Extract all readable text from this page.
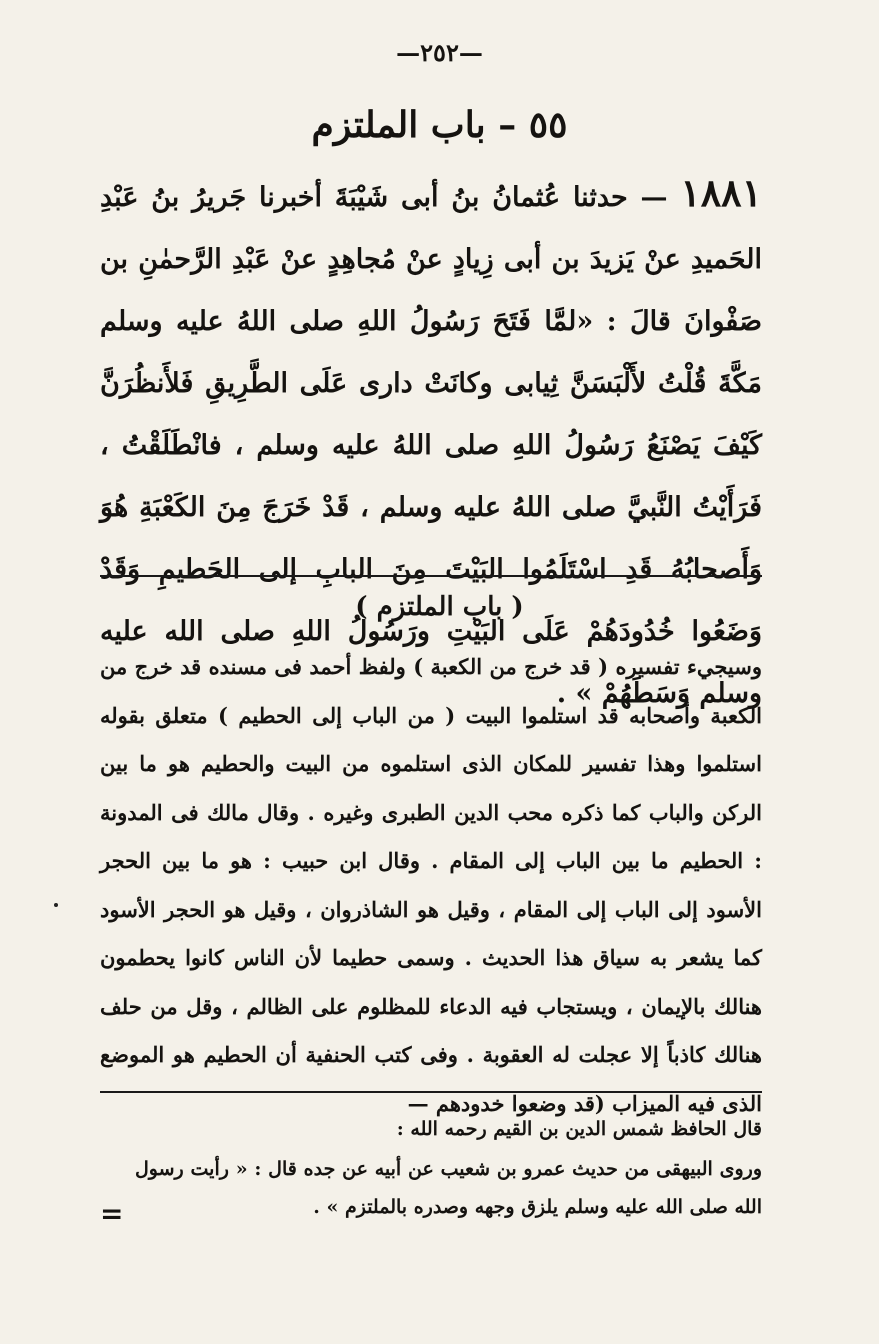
—٢٥٢—
٥٥ – باب الملتزم
١٨٨١ — حدثنا عُثمانُ بنُ أبى شَيْبَةَ أخبرنا جَريرُ بنُ عَبْدِ الحَميدِ عنْ يَزيدَ بن أبى زِيادٍ عنْ مُجاهِدٍ عنْ عَبْدِ الرَّحمٰنِ بن صَفْوانَ قالَ : «لمَّا فَتَحَ رَسُولُ اللهِ صلى اللهُ عليه وسلم مَكَّةَ قُلْتُ لأَلْبَسَنَّ ثِيابى وكانَتْ دارى عَلَى الطَّرِيقِ فَلأَنظُرَنَّ كَيْفَ يَصْنَعُ رَسُولُ اللهِ صلى اللهُ عليه وسلم ، فانْطَلَقْتُ ، فَرَأَيْتُ النَّبيَّ صلى اللهُ عليه وسلم ، قَدْ خَرَجَ مِنَ الكَعْبَةِ هُوَ وَأَصحابُهُ قَدِ اسْتَلَمُوا البَيْتَ مِنَ البابِ إلى الحَطيمِ وَقَدْ وَضَعُوا خُدُودَهُمْ عَلَى البَيْتِ ورَسُولُ اللهِ صلى الله عليه وسلم وَسَطَهُمْ » .
( باب الملتزم )
وسيجيء تفسيره ( قد خرج من الكعبة ) ولفظ أحمد فى مسنده قد خرج من الكعبة وأصحابه قد استلموا البيت ( من الباب إلى الحطيم ) متعلق بقوله استلموا وهذا تفسير للمكان الذى استلموه من البيت والحطيم هو ما بين الركن والباب كما ذكره محب الدين الطبرى وغيره . وقال مالك فى المدونة : الحطيم ما بين الباب إلى المقام . وقال ابن حبيب : هو ما بين الحجر الأسود إلى الباب إلى المقام ، وقيل هو الشاذروان ، وقيل هو الحجر الأسود كما يشعر به سياق هذا الحديث . وسمى حطيما لأن الناس كانوا يحطمون هنالك بالإيمان ، ويستجاب فيه الدعاء للمظلوم على الظالم ، وقل من حلف هنالك كاذباً إلا عجلت له العقوبة . وفى كتب الحنفية أن الحطيم هو الموضع الذى فيه الميزاب (قد وضعوا خدودهم —
قال الحافظ شمس الدين بن القيم رحمه الله :
وروى البيهقى من حديث عمرو بن شعيب عن أبيه عن جده قال : « رأيت رسول الله صلى الله عليه وسلم يلزق وجهه وصدره بالملتزم » .
=
